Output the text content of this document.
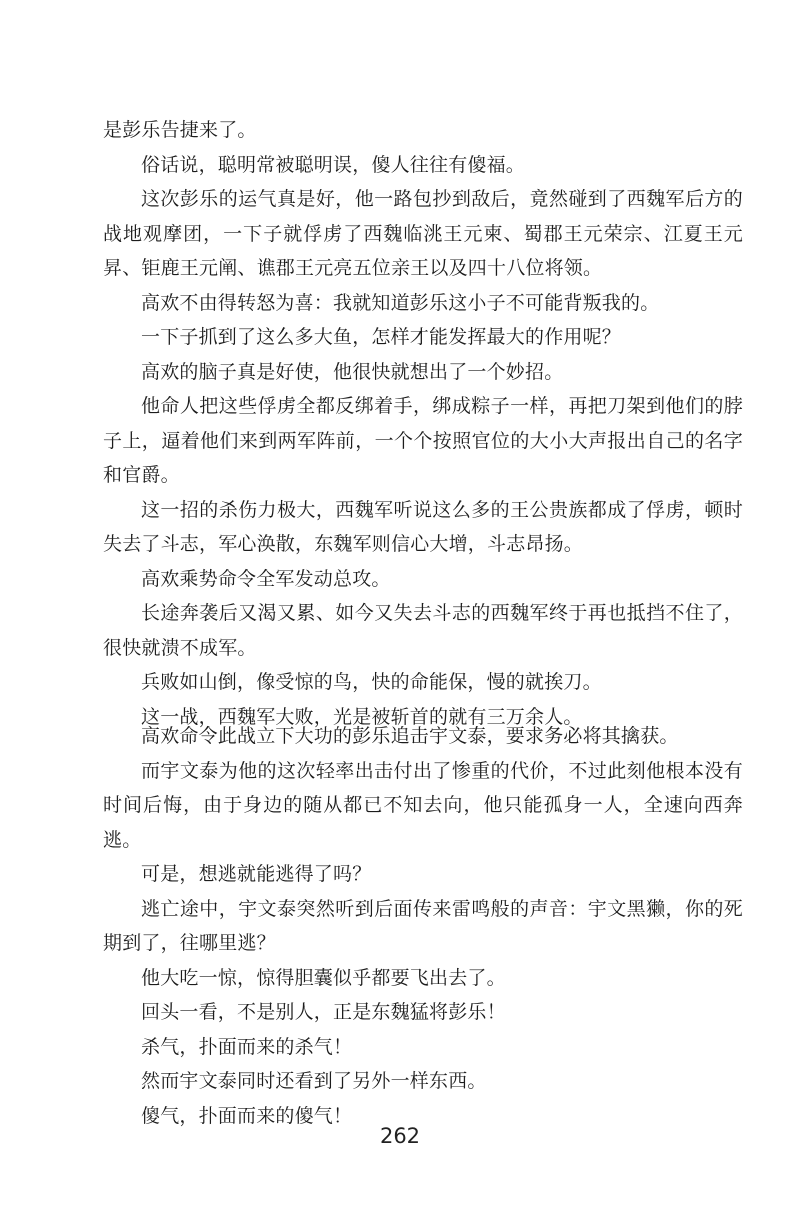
是彭乐告捷来了。

俗话说，聪明常被聪明误，傻人往往有傻福。

这次彭乐的运气真是好，他一路包抄到敌后，竟然碰到了西魏军后方的战地观摩团，一下子就俘虏了西魏临洮王元柬、蜀郡王元荣宗、江夏王元昇、钜鹿王元阐、谯郡王元亮五位亲王以及四十八位将领。

高欢不由得转怒为喜：我就知道彭乐这小子不可能背叛我的。

一下子抓到了这么多大鱼，怎样才能发挥最大的作用呢？

高欢的脑子真是好使，他很快就想出了一个妙招。

他命人把这些俘虏全都反绑着手，绑成粽子一样，再把刀架到他们的脖子上，逼着他们来到两军阵前，一个个按照官位的大小大声报出自己的名字和官爵。

这一招的杀伤力极大，西魏军听说这么多的王公贵族都成了俘虏，顿时失去了斗志，军心涣散，东魏军则信心大增，斗志昂扬。

高欢乘势命令全军发动总攻。

长途奔袭后又渴又累、如今又失去斗志的西魏军终于再也抵挡不住了，很快就溃不成军。

兵败如山倒，像受惊的鸟，快的命能保，慢的就挨刀。

这一战，西魏军大败，光是被斩首的就有三万余人。

高欢命令此战立下大功的彭乐追击宇文泰，要求务必将其擒获。

而宇文泰为他的这次轻率出击付出了惨重的代价，不过此刻他根本没有时间后悔，由于身边的随从都已不知去向，他只能孤身一人，全速向西奔逃。

可是，想逃就能逃得了吗？

逃亡途中，宇文泰突然听到后面传来雷鸣般的声音：宇文黑獭，你的死期到了，往哪里逃？

他大吃一惊，惊得胆囊似乎都要飞出去了。

回头一看，不是别人，正是东魏猛将彭乐！

杀气，扑面而来的杀气！

然而宇文泰同时还看到了另外一样东西。

傻气，扑面而来的傻气！

262
